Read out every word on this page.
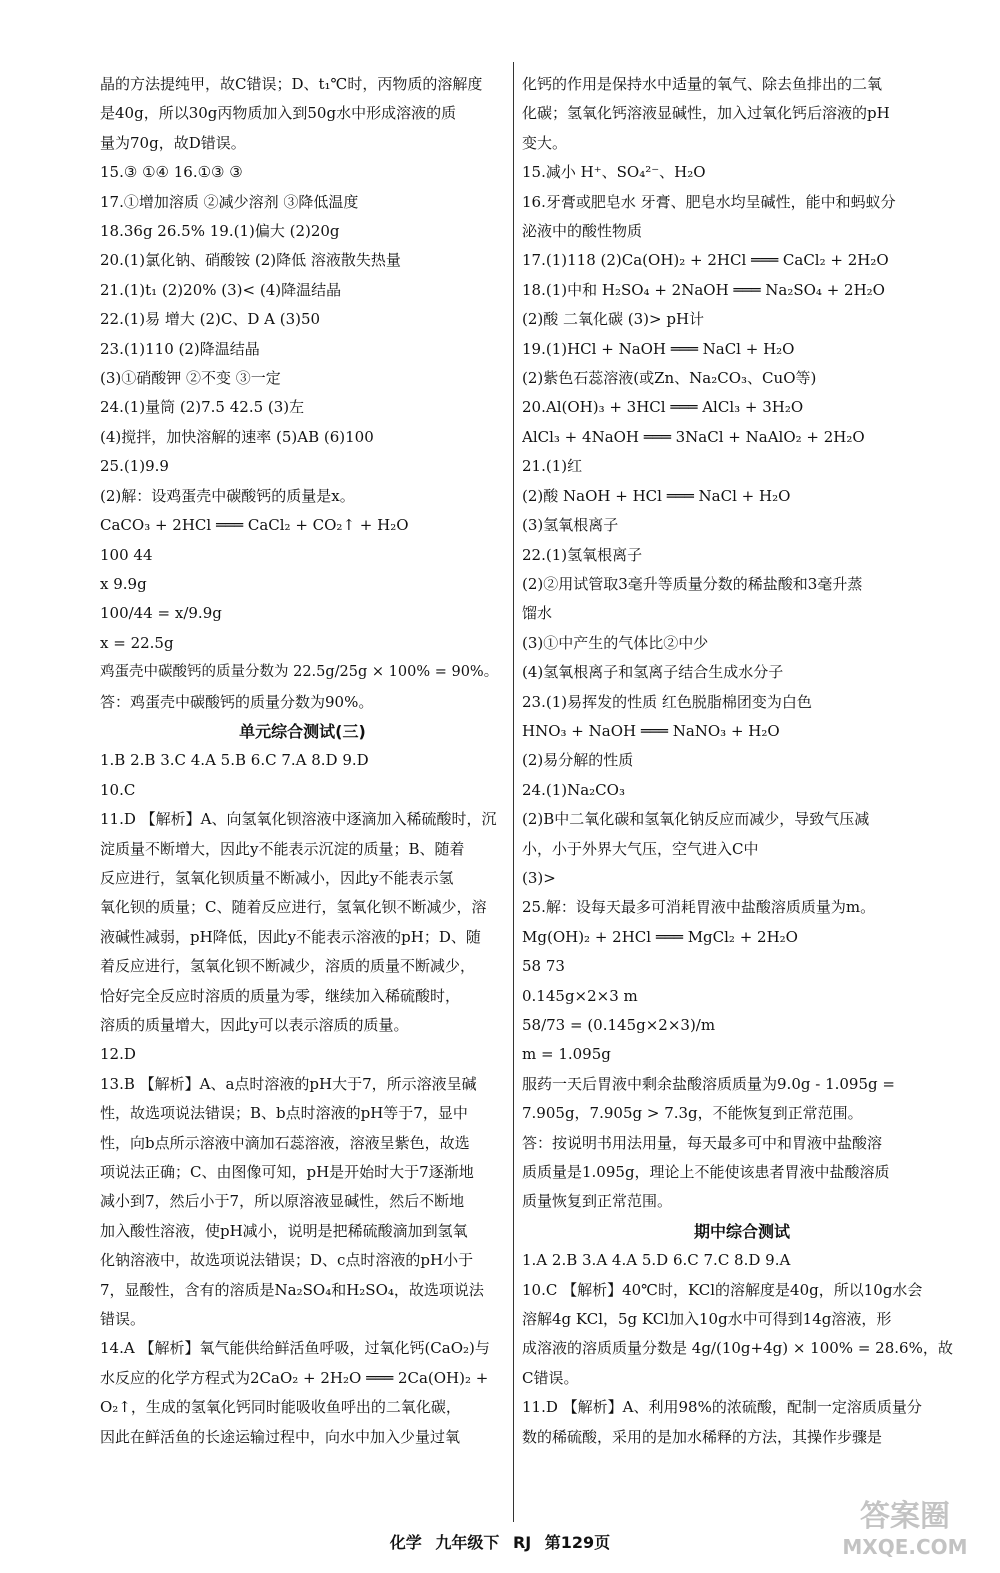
晶的方法提纯甲，故C错误；D、t₁℃时，丙物质的溶解度
是40g，所以30g丙物质加入到50g水中形成溶液的质
量为70g，故D错误。
15.③ ①④ 16.①③ ③
17.①增加溶质 ②减少溶剂 ③降低温度
18.36g 26.5% 19.(1)偏大 (2)20g
20.(1)氯化钠、硝酸铵 (2)降低 溶液散失热量
21.(1)t₁ (2)20% (3)< (4)降温结晶
22.(1)易 增大 (2)C、D A (3)50
23.(1)110 (2)降温结晶
(3)①硝酸钾 ②不变 ③一定
24.(1)量筒 (2)7.5 42.5 (3)左
(4)搅拌，加快溶解的速率 (5)AB (6)100
25.(1)9.9
(2)解：设鸡蛋壳中碳酸钙的质量是x。
CaCO₃ + 2HCl ═══ CaCl₂ + CO₂↑ + H₂O
100 44
x 9.9g
100/44 = x/9.9g
x = 22.5g
鸡蛋壳中碳酸钙的质量分数为 22.5g/25g × 100% = 90%。
答：鸡蛋壳中碳酸钙的质量分数为90%。
单元综合测试(三)
1.B 2.B 3.C 4.A 5.B 6.C 7.A 8.D 9.D
10.C
11.D 【解析】A、向氢氧化钡溶液中逐滴加入稀硫酸时，沉
淀质量不断增大，因此y不能表示沉淀的质量；B、随着
反应进行，氢氧化钡质量不断减小，因此y不能表示氢
氧化钡的质量；C、随着反应进行，氢氧化钡不断减少，溶
液碱性减弱，pH降低，因此y不能表示溶液的pH；D、随
着反应进行，氢氧化钡不断减少，溶质的质量不断减少，
恰好完全反应时溶质的质量为零，继续加入稀硫酸时，
溶质的质量增大，因此y可以表示溶质的质量。
12.D
13.B 【解析】A、a点时溶液的pH大于7，所示溶液呈碱
性，故选项说法错误；B、b点时溶液的pH等于7，显中
性，向b点所示溶液中滴加石蕊溶液，溶液呈紫色，故选
项说法正确；C、由图像可知，pH是开始时大于7逐渐地
减小到7，然后小于7，所以原溶液显碱性，然后不断地
加入酸性溶液，使pH减小，说明是把稀硫酸滴加到氢氧
化钠溶液中，故选项说法错误；D、c点时溶液的pH小于
7，显酸性，含有的溶质是Na₂SO₄和H₂SO₄，故选项说法
错误。
14.A 【解析】氧气能供给鲜活鱼呼吸，过氧化钙(CaO₂)与
水反应的化学方程式为2CaO₂ + 2H₂O ═══ 2Ca(OH)₂ +
O₂↑，生成的氢氧化钙同时能吸收鱼呼出的二氧化碳，
因此在鲜活鱼的长途运输过程中，向水中加入少量过氧
化钙的作用是保持水中适量的氧气、除去鱼排出的二氧
化碳；氢氧化钙溶液显碱性，加入过氧化钙后溶液的pH
变大。
15.减小 H⁺、SO₄²⁻、H₂O
16.牙膏或肥皂水 牙膏、肥皂水均呈碱性，能中和蚂蚁分
泌液中的酸性物质
17.(1)118 (2)Ca(OH)₂ + 2HCl ═══ CaCl₂ + 2H₂O
18.(1)中和 H₂SO₄ + 2NaOH ═══ Na₂SO₄ + 2H₂O
(2)酸 二氧化碳 (3)> pH计
19.(1)HCl + NaOH ═══ NaCl + H₂O
(2)紫色石蕊溶液(或Zn、Na₂CO₃、CuO等)
20.Al(OH)₃ + 3HCl ═══ AlCl₃ + 3H₂O
AlCl₃ + 4NaOH ═══ 3NaCl + NaAlO₂ + 2H₂O
21.(1)红
(2)酸 NaOH + HCl ═══ NaCl + H₂O
(3)氢氧根离子
22.(1)氢氧根离子
(2)②用试管取3毫升等质量分数的稀盐酸和3毫升蒸
馏水
(3)①中产生的气体比②中少
(4)氢氧根离子和氢离子结合生成水分子
23.(1)易挥发的性质 红色脱脂棉团变为白色
HNO₃ + NaOH ═══ NaNO₃ + H₂O
(2)易分解的性质
24.(1)Na₂CO₃
(2)B中二氧化碳和氢氧化钠反应而减少，导致气压减
小，小于外界大气压，空气进入C中
(3)>
25.解：设每天最多可消耗胃液中盐酸溶质质量为m。
Mg(OH)₂ + 2HCl ═══ MgCl₂ + 2H₂O
58 73
0.145g×2×3 m
58/73 = (0.145g×2×3)/m
m = 1.095g
服药一天后胃液中剩余盐酸溶质质量为9.0g - 1.095g =
7.905g，7.905g > 7.3g，不能恢复到正常范围。
答：按说明书用法用量，每天最多可中和胃液中盐酸溶
质质量是1.095g，理论上不能使该患者胃液中盐酸溶质
质量恢复到正常范围。
期中综合测试
1.A 2.B 3.A 4.A 5.D 6.C 7.C 8.D 9.A
10.C 【解析】40℃时，KCl的溶解度是40g，所以10g水会
溶解4g KCl，5g KCl加入10g水中可得到14g溶液，形
成溶液的溶质质量分数是 4g/(10g+4g) × 100% = 28.6%，故
C错误。
11.D 【解析】A、利用98%的浓硫酸，配制一定溶质质量分
数的稀硫酸，采用的是加水稀释的方法，其操作步骤是
化学 九年级下 RJ 第129页
答案圈
MXQE.COM
